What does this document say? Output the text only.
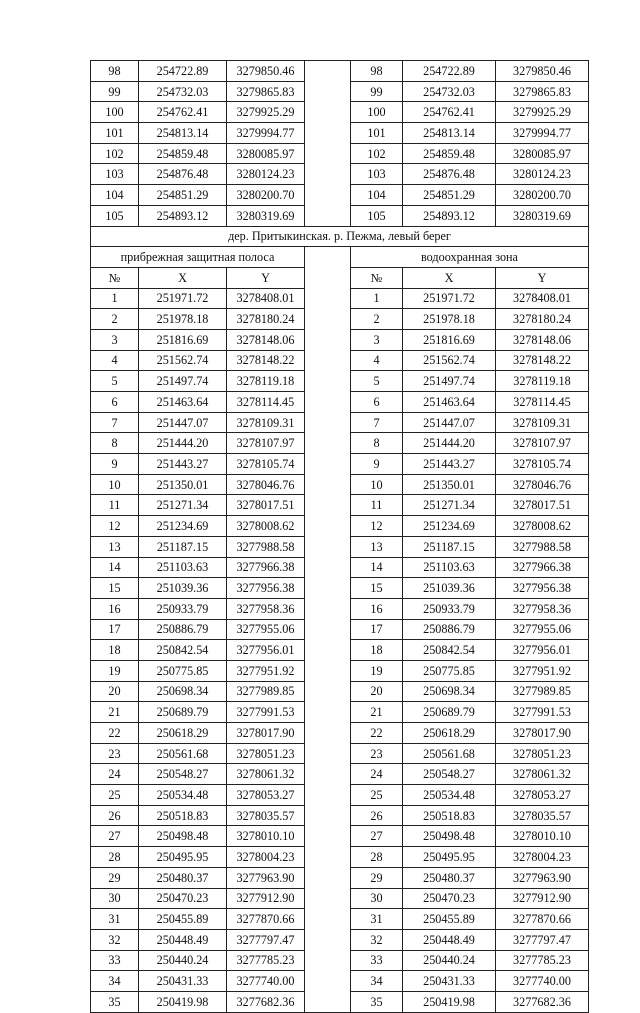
98	254722.89	3279850.46		98	254722.89	3279850.46
99	254732.03	3279865.83		99	254732.03	3279865.83
100	254762.41	3279925.29		100	254762.41	3279925.29
101	254813.14	3279994.77		101	254813.14	3279994.77
102	254859.48	3280085.97		102	254859.48	3280085.97
103	254876.48	3280124.23		103	254876.48	3280124.23
104	254851.29	3280200.70		104	254851.29	3280200.70
105	254893.12	3280319.69		105	254893.12	3280319.69
дер. Притыкинская. р. Пежма, левый берег						
прибрежная защитная полоса				водоохранная зона		
№	X	Y		№	X	Y
1	251971.72	3278408.01		1	251971.72	3278408.01
2	251978.18	3278180.24		2	251978.18	3278180.24
3	251816.69	3278148.06		3	251816.69	3278148.06
4	251562.74	3278148.22		4	251562.74	3278148.22
5	251497.74	3278119.18		5	251497.74	3278119.18
6	251463.64	3278114.45		6	251463.64	3278114.45
7	251447.07	3278109.31		7	251447.07	3278109.31
8	251444.20	3278107.97		8	251444.20	3278107.97
9	251443.27	3278105.74		9	251443.27	3278105.74
10	251350.01	3278046.76		10	251350.01	3278046.76
11	251271.34	3278017.51		11	251271.34	3278017.51
12	251234.69	3278008.62		12	251234.69	3278008.62
13	251187.15	3277988.58		13	251187.15	3277988.58
14	251103.63	3277966.38		14	251103.63	3277966.38
15	251039.36	3277956.38		15	251039.36	3277956.38
16	250933.79	3277958.36		16	250933.79	3277958.36
17	250886.79	3277955.06		17	250886.79	3277955.06
18	250842.54	3277956.01		18	250842.54	3277956.01
19	250775.85	3277951.92		19	250775.85	3277951.92
20	250698.34	3277989.85		20	250698.34	3277989.85
21	250689.79	3277991.53		21	250689.79	3277991.53
22	250618.29	3278017.90		22	250618.29	3278017.90
23	250561.68	3278051.23		23	250561.68	3278051.23
24	250548.27	3278061.32		24	250548.27	3278061.32
25	250534.48	3278053.27		25	250534.48	3278053.27
26	250518.83	3278035.57		26	250518.83	3278035.57
27	250498.48	3278010.10		27	250498.48	3278010.10
28	250495.95	3278004.23		28	250495.95	3278004.23
29	250480.37	3277963.90		29	250480.37	3277963.90
30	250470.23	3277912.90		30	250470.23	3277912.90
31	250455.89	3277870.66		31	250455.89	3277870.66
32	250448.49	3277797.47		32	250448.49	3277797.47
33	250440.24	3277785.23		33	250440.24	3277785.23
34	250431.33	3277740.00		34	250431.33	3277740.00
35	250419.98	3277682.36		35	250419.98	3277682.36
